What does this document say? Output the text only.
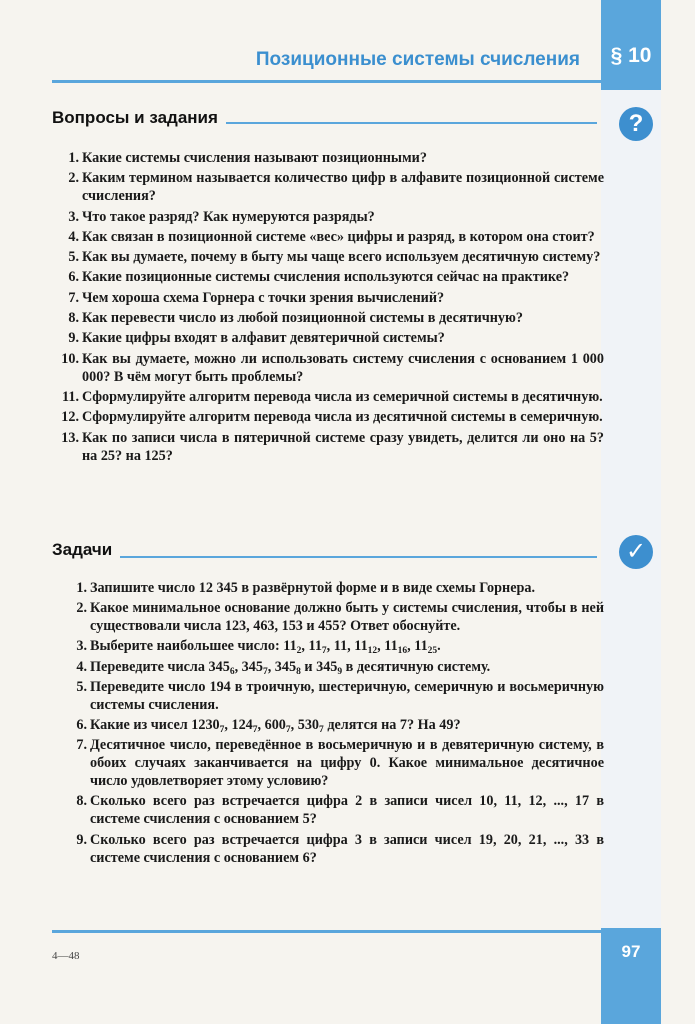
§ 10
Позиционные системы счисления
Вопросы и задания	?
1. Какие системы счисления называют позиционными?
2. Каким термином называется количество цифр в алфавите позиционной системе счисления?
3. Что такое разряд? Как нумеруются разряды?
4. Как связан в позиционной системе «вес» цифры и разряд, в котором она стоит?
5. Как вы думаете, почему в быту мы чаще всего используем десятичную систему?
6. Какие позиционные системы счисления используются сейчас на практике?
7. Чем хороша схема Горнера с точки зрения вычислений?
8. Как перевести число из любой позиционной системы в десятичную?
9. Какие цифры входят в алфавит девятеричной системы?
10. Как вы думаете, можно ли использовать систему счисления с основанием 1 000 000? В чём могут быть проблемы?
11. Сформулируйте алгоритм перевода числа из семеричной системы в десятичную.
12. Сформулируйте алгоритм перевода числа из десятичной системы в семеричную.
13. Как по записи числа в пятеричной системе сразу увидеть, делится ли оно на 5? на 25? на 125?
Задачи	✓
1. Запишите число 12 345 в развёрнутой форме и в виде схемы Горнера.
2. Какое минимальное основание должно быть у системы счисления, чтобы в ней существовали числа 123, 463, 153 и 455? Ответ обоснуйте.
3. Выберите наибольшее число: $11_2$, $11_7$, 11, $11_{12}$, $11_{16}$, $11_{25}$.
4. Переведите числа $345_6$, $345_7$, $345_8$ и $345_9$ в десятичную систему.
5. Переведите число 194 в троичную, шестеричную, семеричную и восьмеричную системы счисления.
6. Какие из чисел $1230_7$, $124_7$, $600_7$, $530_7$ делятся на 7? На 49?
7. Десятичное число, переведённое в восьмеричную и в девятеричную систему, в обоих случаях заканчивается на цифру 0. Какое минимальное десятичное число удовлетворяет этому условию?
8. Сколько всего раз встречается цифра 2 в записи чисел 10, 11, 12, ..., 17 в системе счисления с основанием 5?
9. Сколько всего раз встречается цифра 3 в записи чисел 19, 20, 21, ..., 33 в системе счисления с основанием 6?
97
4—48
